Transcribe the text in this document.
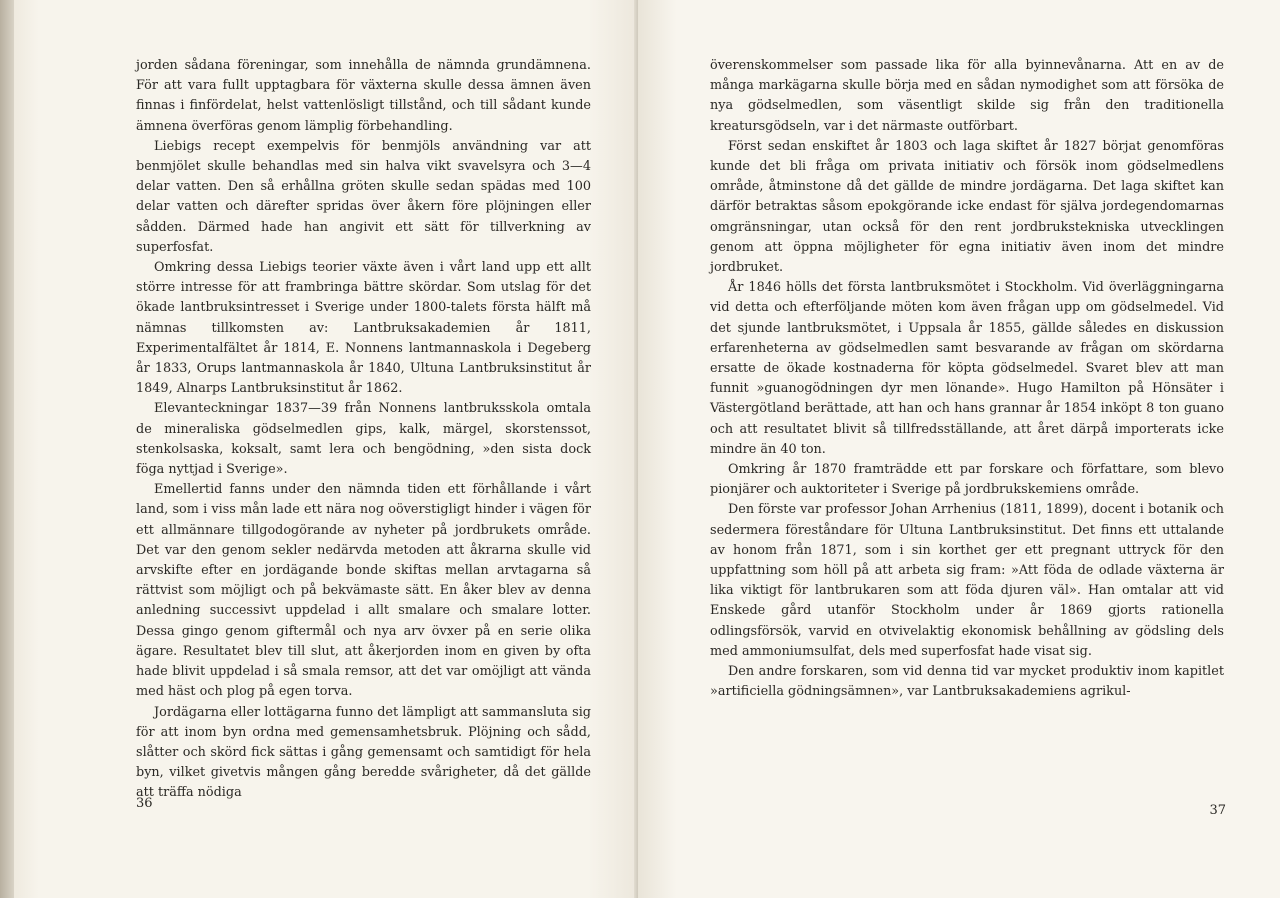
jorden sådana föreningar, som innehålla de nämnda grundämnena. För att vara fullt upptagbara för växterna skulle dessa ämnen även finnas i finfördelat, helst vattenlösligt tillstånd, och till sådant kunde ämnena överföras genom lämplig förbehandling.

Liebigs recept exempelvis för benmjöls användning var att benmjölet skulle behandlas med sin halva vikt svavelsyra och 3—4 delar vatten. Den så erhållna gröten skulle sedan spädas med 100 delar vatten och därefter spridas över åkern före plöjningen eller sådden. Därmed hade han angivit ett sätt för tillverkning av superfosfat.

Omkring dessa Liebigs teorier växte även i vårt land upp ett allt större intresse för att frambringa bättre skördar. Som utslag för det ökade lantbruksintresset i Sverige under 1800-talets första hälft må nämnas tillkomsten av: Lantbruksakademien år 1811, Experimentalfältet år 1814, E. Nonnens lantmannaskola i Degeberg år 1833, Orups lantmannaskola år 1840, Ultuna Lantbruksinstitut år 1849, Alnarps Lantbruksinstitut år 1862.

Elevanteckningar 1837—39 från Nonnens lantbruksskola omtala de mineraliska gödselmedlen gips, kalk, märgel, skorstenssot, stenkolsaska, koksalt, samt lera och bengödning, »den sista dock föga nyttjad i Sverige».

Emellertid fanns under den nämnda tiden ett förhållande i vårt land, som i viss mån lade ett nära nog oöverstigligt hinder i vägen för ett allmännare tillgodogörande av nyheter på jordbrukets område. Det var den genom sekler nedärvda metoden att åkrarna skulle vid arvskifte efter en jordägande bonde skiftas mellan arvtagarna så rättvist som möjligt och på bekvämaste sätt. En åker blev av denna anledning successivt uppdelad i allt smalare och smalare lotter. Dessa gingo genom giftermål och nya arv övxer på en serie olika ägare. Resultatet blev till slut, att åkerjorden inom en given by ofta hade blivit uppdelad i så smala remsor, att det var omöjligt att vända med häst och plog på egen torva.

Jordägarna eller lottägarna funno det lämpligt att sammansluta sig för att inom byn ordna med gemensamhetsbruk. Plöjning och sådd, slåtter och skörd fick sättas i gång gemensamt och samtidigt för hela byn, vilket givetvis mången gång beredde svårigheter, då det gällde att träffa nödiga

36

överenskommelser som passade lika för alla byinnevånarna. Att en av de många markägarna skulle börja med en sådan nymodighet som att försöka de nya gödselmedlen, som väsentligt skilde sig från den traditionella kreatursgödseln, var i det närmaste outförbart.

Först sedan enskiftet år 1803 och laga skiftet år 1827 börjat genomföras kunde det bli fråga om privata initiativ och försök inom gödselmedlens område, åtminstone då det gällde de mindre jordägarna. Det laga skiftet kan därför betraktas såsom epokgörande icke endast för själva jordegendomarnas omgränsningar, utan också för den rent jordbrukstekniska utvecklingen genom att öppna möjligheter för egna initiativ även inom det mindre jordbruket.

År 1846 hölls det första lantbruksmötet i Stockholm. Vid överläggningarna vid detta och efterföljande möten kom även frågan upp om gödselmedel. Vid det sjunde lantbruksmötet, i Uppsala år 1855, gällde således en diskussion erfarenheterna av gödselmedlen samt besvarande av frågan om skördarna ersatte de ökade kostnaderna för köpta gödselmedel. Svaret blev att man funnit »guanogödningen dyr men lönande». Hugo Hamilton på Hönsäter i Västergötland berättade, att han och hans grannar år 1854 inköpt 8 ton guano och att resultatet blivit så tillfredsställande, att året därpå importerats icke mindre än 40 ton.

Omkring år 1870 framträdde ett par forskare och författare, som blevo pionjärer och auktoriteter i Sverige på jordbrukskemiens område.

Den förste var professor Johan Arrhenius (1811, 1899), docent i botanik och sedermera föreståndare för Ultuna Lantbruksinstitut. Det finns ett uttalande av honom från 1871, som i sin korthet ger ett pregnant uttryck för den uppfattning som höll på att arbeta sig fram: »Att föda de odlade växterna är lika viktigt för lantbrukaren som att föda djuren väl». Han omtalar att vid Enskede gård utanför Stockholm under år 1869 gjorts rationella odlingsförsök, varvid en otvivelaktig ekonomisk behållning av gödsling dels med ammoniumsulfat, dels med superfosfat hade visat sig.

Den andre forskaren, som vid denna tid var mycket produktiv inom kapitlet »artificiella gödningsämnen», var Lantbruksakademiens agrikul-

37
